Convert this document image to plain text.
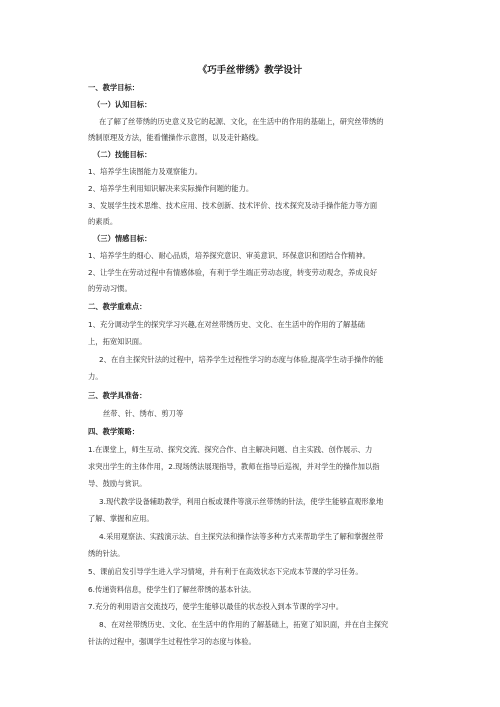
《巧手丝带绣》教学设计
一、教学目标：
（一）认知目标：
在了解了丝带绣的历史意义及它的起源、文化，在生活中的作用的基础上，研究丝带绣的
绣制原理及方法，能看懂操作示意图，以及走针路线。
（二）技能目标：
1、培养学生读图能力及观察能力。
2、培养学生利用知识解决来实际操作问题的能力。
3、发展学生技术思维、技术应用、技术创新、技术评价、技术探究及动手操作能力等方面
的素质。
（三）情感目标：
1、培养学生的细心、耐心品质，培养探究意识、审美意识、环保意识和团结合作精神。
2、让学生在劳动过程中有情感体验，有利于学生端正劳动态度，转变劳动观念，养成良好
的劳动习惯。
二、教学重难点：
1、充分调动学生的探究学习兴趣,在对丝带绣历史、文化、在生活中的作用的了解基础
上，拓宽知识面。
2、在自主探究针法的过程中，培养学生过程性学习的态度与体验,提高学生动手操作的能
力。
三、教学具准备：
丝带、针、绣布、剪刀等
四、教学策略：
1.在课堂上，师生互动、探究交流、探究合作、自主解决问题、自主实践、创作展示、力
求突出学生的主体作用，2.现场绣法展现指导，教师在指导后巡视，并对学生的操作加以指
导、鼓励与赏识。
3.现代教学设备辅助教学，利用白板或课件等演示丝带绣的针法，使学生能够直观形象地
了解、掌握和应用。
4.采用观察法、实践演示法、自主探究法和操作法等多种方式来帮助学生了解和掌握丝带
绣的针法。
5、课前启发引导学生进入学习情境，并有利于在高效状态下完成本节课的学习任务。
6.传递资料信息，使学生们了解丝带绣的基本针法。
7.充分的利用语言交流技巧，使学生能够以最佳的状态投入到本节课的学习中。
8、在对丝带绣历史、文化、在生活中的作用的了解基础上，拓宽了知识面，并在自主探究
针法的过程中，强调学生过程性学习的态度与体验。
